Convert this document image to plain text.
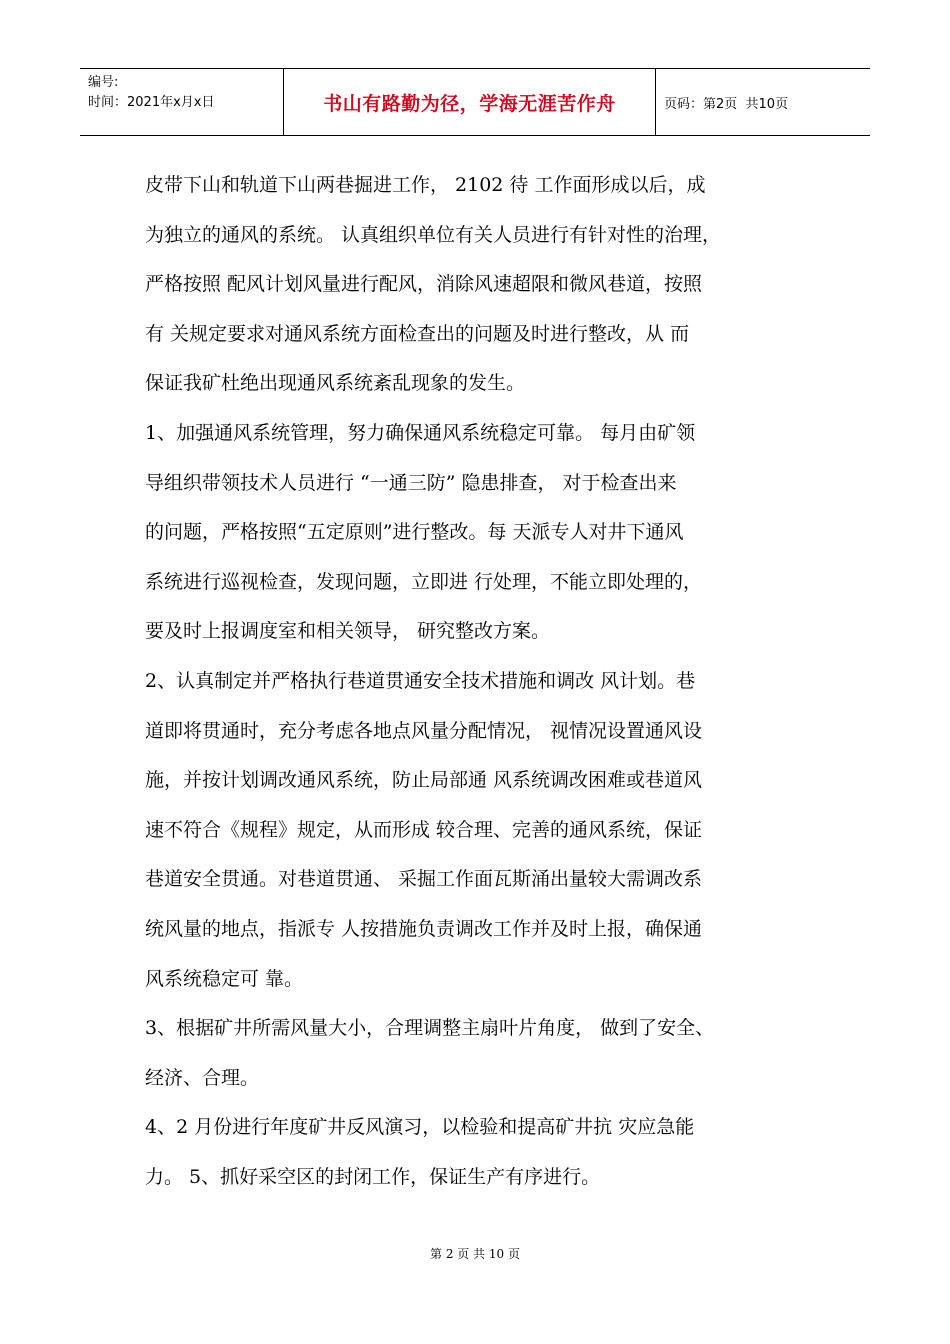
编号:
时间：2021年x月x日	书山有路勤为径，学海无涯苦作舟	页码：第2页  共10页

皮带下山和轨道下山两巷掘进工作， 2102 待 工作面形成以后，成

为独立的通风的系统。 认真组织单位有关人员进行有针对性的治理，

严格按照 配风计划风量进行配风，消除风速超限和微风巷道，按照

有 关规定要求对通风系统方面检查出的问题及时进行整改，从 而

保证我矿杜绝出现通风系统紊乱现象的发生。

1、加强通风系统管理，努力确保通风系统稳定可靠。 每月由矿领

导组织带领技术人员进行 “一通三防” 隐患排查， 对于检查出来

的问题，严格按照“五定原则”进行整改。每 天派专人对井下通风

系统进行巡视检查，发现问题，立即进 行处理，不能立即处理的，

要及时上报调度室和相关领导， 研究整改方案。

2、认真制定并严格执行巷道贯通安全技术措施和调改 风计划。巷

道即将贯通时，充分考虑各地点风量分配情况， 视情况设置通风设

施，并按计划调改通风系统，防止局部通 风系统调改困难或巷道风

速不符合《规程》规定，从而形成 较合理、完善的通风系统，保证

巷道安全贯通。对巷道贯通、 采掘工作面瓦斯涌出量较大需调改系

统风量的地点，指派专 人按措施负责调改工作并及时上报，确保通

风系统稳定可 靠。

3、根据矿井所需风量大小，合理调整主扇叶片角度， 做到了安全、

经济、合理。

4、2 月份进行年度矿井反风演习，以检验和提高矿井抗 灾应急能

力。 5、抓好采空区的封闭工作，保证生产有序进行。

第 2 页 共 10 页
